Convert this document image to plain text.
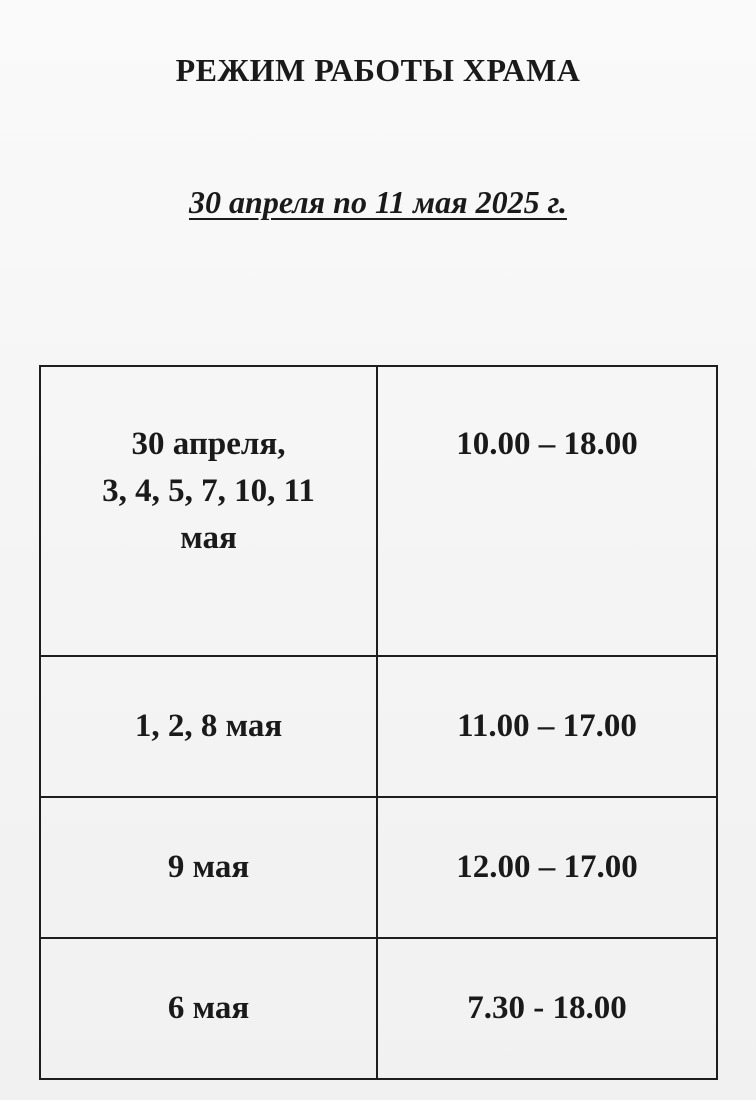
РЕЖИМ РАБОТЫ ХРАМА
30 апреля по 11 мая 2025 г.
30 апреля,
3, 4, 5, 7, 10, 11
мая	10.00 – 18.00
1, 2, 8 мая	11.00 – 17.00
9 мая	12.00 – 17.00
6 мая	7.30 - 18.00
